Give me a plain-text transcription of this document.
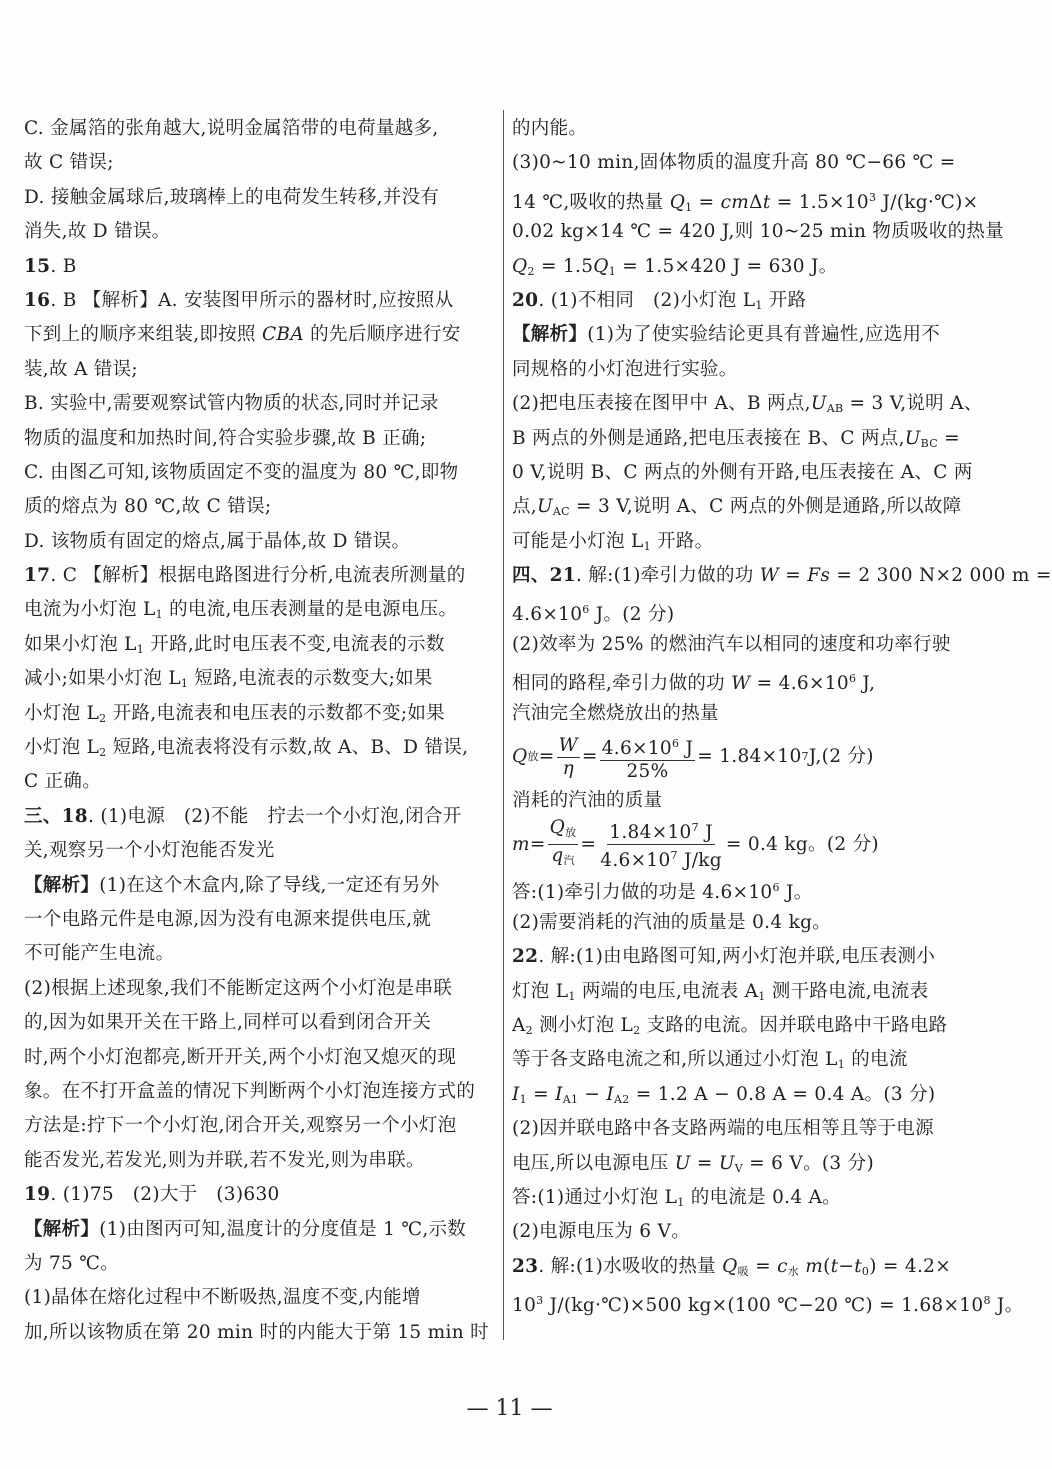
C. 金属箔的张角越大,说明金属箔带的电荷量越多,
故 C 错误;
D. 接触金属球后,玻璃棒上的电荷发生转移,并没有
消失,故 D 错误。
15. B
16. B 【解析】A. 安装图甲所示的器材时,应按照从
下到上的顺序来组装,即按照 CBA 的先后顺序进行安
装,故 A 错误;
B. 实验中,需要观察试管内物质的状态,同时并记录
物质的温度和加热时间,符合实验步骤,故 B 正确;
C. 由图乙可知,该物质固定不变的温度为 80 ℃,即物
质的熔点为 80 ℃,故 C 错误;
D. 该物质有固定的熔点,属于晶体,故 D 错误。
17. C 【解析】根据电路图进行分析,电流表所测量的
电流为小灯泡 $L_1$ 的电流,电压表测量的是电源电压。
如果小灯泡 $L_1$ 开路,此时电压表不变,电流表的示数
减小;如果小灯泡 $L_1$ 短路,电流表的示数变大;如果
小灯泡 $L_2$ 开路,电流表和电压表的示数都不变;如果
小灯泡 $L_2$ 短路,电流表将没有示数,故 A、B、D 错误,
C 正确。
三、18. (1)电源　(2)不能　拧去一个小灯泡,闭合开
关,观察另一个小灯泡能否发光
【解析】(1)在这个木盒内,除了导线,一定还有另外
一个电路元件是电源,因为没有电源来提供电压,就
不可能产生电流。
(2)根据上述现象,我们不能断定这两个小灯泡是串联
的,因为如果开关在干路上,同样可以看到闭合开关
时,两个小灯泡都亮,断开开关,两个小灯泡又熄灭的现
象。在不打开盒盖的情况下判断两个小灯泡连接方式的
方法是:拧下一个小灯泡,闭合开关,观察另一个小灯泡
能否发光,若发光,则为并联,若不发光,则为串联。
19. (1)75　(2)大于　(3)630
【解析】(1)由图丙可知,温度计的分度值是 1 ℃,示数
为 75 ℃。
(1)晶体在熔化过程中不断吸热,温度不变,内能增
加,所以该物质在第 20 min 时的内能大于第 15 min 时
的内能。
(3)0~10 min,固体物质的温度升高 80 ℃−66 ℃ =
14 ℃,吸收的热量 $Q_1 = cm\Delta t = 1.5\times 10^3$ J/(kg·℃)×
0.02 kg×14 ℃ = 420 J,则 10~25 min 物质吸收的热量
$Q_2 = 1.5Q_1 = 1.5\times 420$ J = 630 J。
20. (1)不相同　(2)小灯泡 $L_1$ 开路
【解析】(1)为了使实验结论更具有普遍性,应选用不
同规格的小灯泡进行实验。
(2)把电压表接在图甲中 A、B 两点$,U_{AB} = 3$ V,说明 A、
B 两点的外侧是通路,把电压表接在 B、C 两点$,U_{BC}$ =
0 V,说明 B、C 两点的外侧有开路,电压表接在 A、C 两
点$,U_{AC} = 3$ V,说明 A、C 两点的外侧是通路,所以故障
可能是小灯泡 $L_1$ 开路。
四、21. 解:(1)牵引力做的功 W = Fs = 2 300 N×2 000 m =
$4.6\times 10^6$ J。(2 分)
(2)效率为 25% 的燃油汽车以相同的速度和功率行驶
相同的路程,牵引力做的功 $W = 4.6\times 10^6$ J,
汽油完全燃烧放出的热量
Q 放 = $\frac{W}{\eta} = \frac{4.6\times 10^6 J}{25\%} = 1.84\times 10$ 7 J,(2 分)
消耗的汽油的质量
$m = \frac{Q_放}{q_汽} = \frac{1.84\times 10^7 J}{4.6\times 10^7 J/kg} = 0.4$ kg。(2 分)
答:(1)牵引力做的功是 $4.6\times 10^6$ J。
(2)需要消耗的汽油的质量是 0.4 kg。
22. 解:(1)由电路图可知,两小灯泡并联,电压表测小
灯泡 $L_1$ 两端的电压,电流表 $A_1$ 测干路电流,电流表
$A_2$ 测小灯泡 $L_2$ 支路的电流。因并联电路中干路电路
等于各支路电流之和,所以通过小灯泡 $L_1$ 的电流
$I_1 = I_{A1} - I_{A2} = 1.2$ A − 0.8 A = 0.4 A。(3 分)
(2)因并联电路中各支路两端的电压相等且等于电源
电压,所以电源电压 $U = U_V = 6$ V。(3 分)
答:(1)通过小灯泡 $L_1$ 的电流是 0.4 A。
(2)电源电压为 6 V。
23. 解:(1)水吸收的热量 $Q_吸 = c_水$ $m(t-t_0) = 4.2\times$
$10^3$ J/(kg·℃)×500 kg×(100 ℃−20 ℃) = $1.68\times 10^8$ J。
— 11 —
